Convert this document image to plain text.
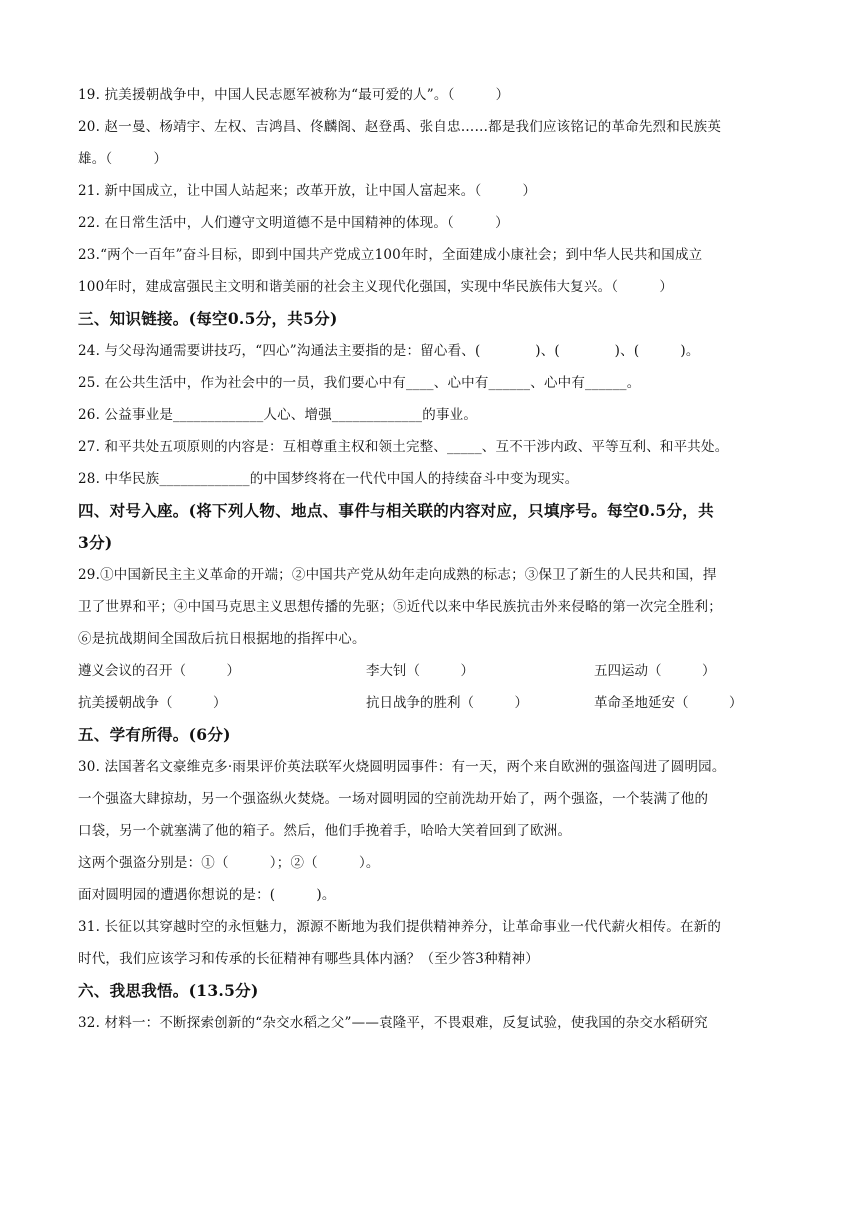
19. 抗美援朝战争中，中国人民志愿军被称为“最可爱的人”。（　　　）
20. 赵一曼、杨靖宇、左权、吉鸿昌、佟麟阁、赵登禹、张自忠……都是我们应该铭记的革命先烈和民族英
雄。（　　　）
21. 新中国成立，让中国人站起来；改革开放，让中国人富起来。（　　　）
22. 在日常生活中，人们遵守文明道德不是中国精神的体现。（　　　）
23.“两个一百年”奋斗目标，即到中国共产党成立100年时，全面建成小康社会；到中华人民共和国成立
100年时，建成富强民主文明和谐美丽的社会主义现代化强国，实现中华民族伟大复兴。（　　　）
三、知识链接。(每空0.5分，共5分)
24. 与父母沟通需要讲技巧，“四心”沟通法主要指的是：留心看、(　　　　)、(　　　　)、(　　　)。
25. 在公共生活中，作为社会中的一员，我们要心中有____、心中有______、心中有______。
26. 公益事业是_____________人心、增强_____________的事业。
27. 和平共处五项原则的内容是：互相尊重主权和领土完整、_____、互不干涉内政、平等互利、和平共处。
28. 中华民族_____________的中国梦终将在一代代中国人的持续奋斗中变为现实。
四、对号入座。(将下列人物、地点、事件与相关联的内容对应，只填序号。每空0.5分，共
3分)
29.①中国新民主主义革命的开端；②中国共产党从幼年走向成熟的标志；③保卫了新生的人民共和国，捍
卫了世界和平；④中国马克思主义思想传播的先驱；⑤近代以来中华民族抗击外来侵略的第一次完全胜利；
⑥是抗战期间全国敌后抗日根据地的指挥中心。
遵义会议的召开（　　　）	李大钊（　　　）	五四运动（　　　）
抗美援朝战争（　　　）	抗日战争的胜利（　　　）	革命圣地延安（　　　）
五、学有所得。(6分)
30. 法国著名文豪维克多·雨果评价英法联军火烧圆明园事件：有一天，两个来自欧洲的强盗闯进了圆明园。
一个强盗大肆掠劫，另一个强盗纵火焚烧。一场对圆明园的空前洗劫开始了，两个强盗，一个装满了他的
口袋，另一个就塞满了他的箱子。然后，他们手挽着手，哈哈大笑着回到了欧洲。
这两个强盗分别是：①（　　　）；②（　　　）。
面对圆明园的遭遇你想说的是：(　　　)。
31. 长征以其穿越时空的永恒魅力，源源不断地为我们提供精神养分，让革命事业一代代薪火相传。在新的
时代，我们应该学习和传承的长征精神有哪些具体内涵？（至少答3种精神）
六、我思我悟。(13.5分)
32. 材料一：不断探索创新的“杂交水稻之父”——袁隆平，不畏艰难，反复试验，使我国的杂交水稻研究
